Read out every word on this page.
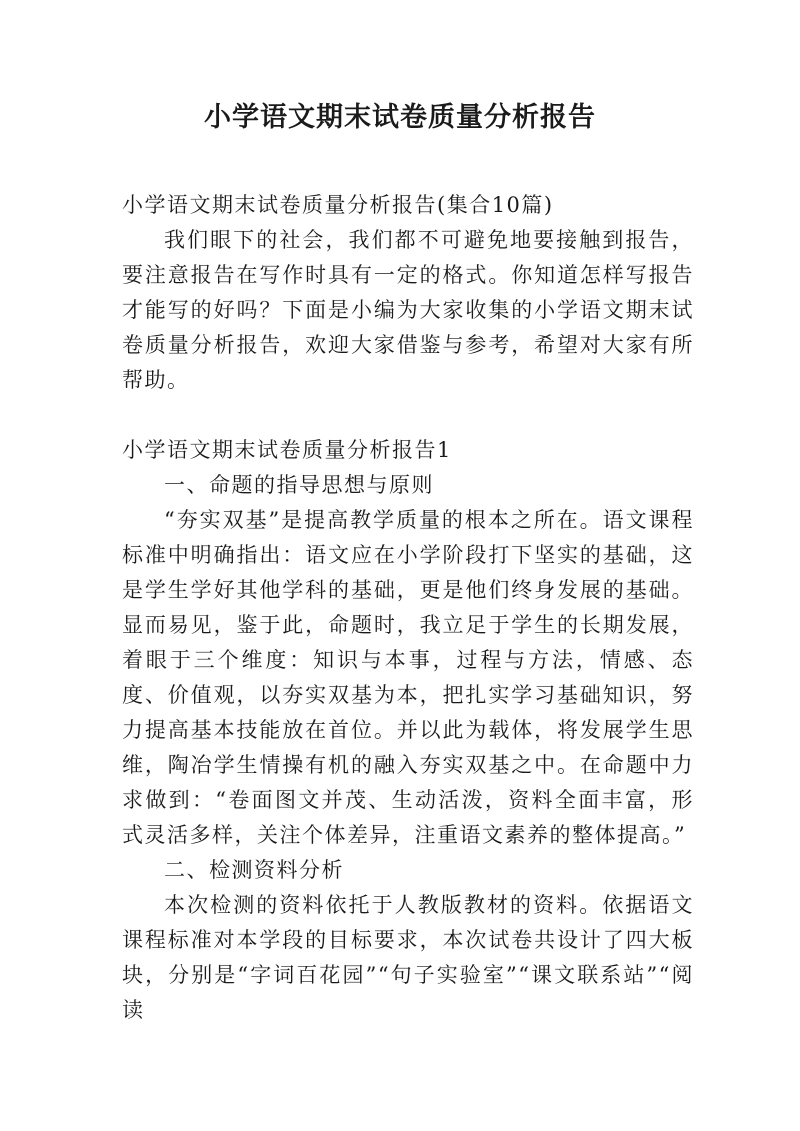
小学语文期末试卷质量分析报告

小学语文期末试卷质量分析报告(集合10篇)

我们眼下的社会，我们都不可避免地要接触到报告，要注意报告在写作时具有一定的格式。你知道怎样写报告才能写的好吗？下面是小编为大家收集的小学语文期末试卷质量分析报告，欢迎大家借鉴与参考，希望对大家有所帮助。

小学语文期末试卷质量分析报告1

一、命题的指导思想与原则

“夯实双基”是提高教学质量的根本之所在。语文课程标准中明确指出：语文应在小学阶段打下坚实的基础，这是学生学好其他学科的基础，更是他们终身发展的基础。显而易见，鉴于此，命题时，我立足于学生的长期发展，着眼于三个维度：知识与本事，过程与方法，情感、态度、价值观，以夯实双基为本，把扎实学习基础知识，努力提高基本技能放在首位。并以此为载体，将发展学生思维，陶冶学生情操有机的融入夯实双基之中。在命题中力求做到：“卷面图文并茂、生动活泼，资料全面丰富，形式灵活多样，关注个体差异，注重语文素养的整体提高。”

二、检测资料分析

本次检测的资料依托于人教版教材的资料。依据语文课程标准对本学段的目标要求，本次试卷共设计了四大板块，分别是“字词百花园”“句子实验室”“课文联系站”“阅读
